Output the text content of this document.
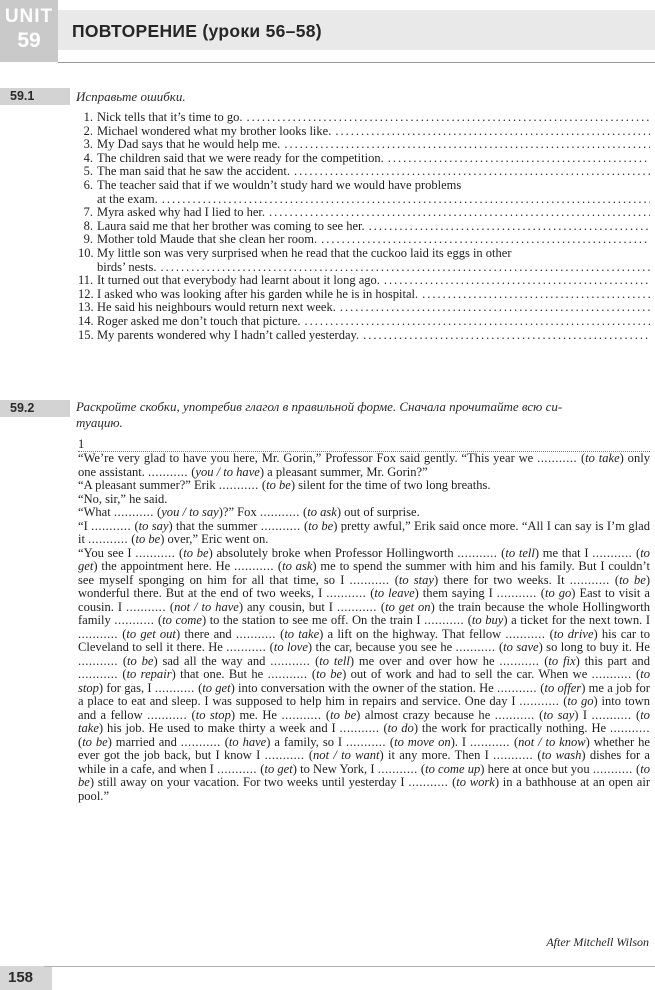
UNIT
59	ПОВТОРЕНИЕ (уроки 56–58)
59.1	Исправьте ошибки.
1. Nick tells that it’s time to go.
.....
2. Michael wondered what my brother looks like.
.....
3. My Dad says that he would help me.
.....
4. The children said that we were ready for the competition.
.....
5. The man said that he saw the accident.
.....
6. The teacher said that if we wouldn’t study hard we would have problems
at the exam.
.....
7. Myra asked why had I lied to her.
.....
8. Laura said me that her brother was coming to see her.
.....
9. Mother told Maude that she clean her room.
.....
10. My little son was very surprised when he read that the cuckoo laid its eggs in other
birds’ nests.
.....
11. It turned out that everybody had learnt about it long ago.
.....
12. I asked who was looking after his garden while he is in hospital.
.....
13. He said his neighbours would return next week.
.....
14. Roger asked me don’t touch that picture.
.....
15. My parents wondered why I hadn’t called yesterday.
.....
59.2	Раскройте скобки, употребив глагол в правильной форме. Сначала прочитайте всю си-
туацию.
1

“We’re very glad to have you here, Mr. Gorin,” Professor Fox said gently. “This year we ........... (to take) only one assistant. ........... (you / to have) a pleasant summer, Mr. Gorin?”

“A pleasant summer?” Erik ........... (to be) silent for the time of two long breaths.

“No, sir,” he said.

“What ........... (you / to say)?” Fox ........... (to ask) out of surprise.

“I ........... (to say) that the summer ........... (to be) pretty awful,” Erik said once more. “All I can say is I’m glad it ........... (to be) over,” Eric went on.

“You see I ........... (to be) absolutely broke when Professor Hollingworth ........... (to tell) me that I ........... (to get) the appointment here. He ........... (to ask) me to spend the summer with him and his family. But I couldn’t see myself sponging on him for all that time, so I ........... (to stay) there for two weeks. It ........... (to be) wonderful there. But at the end of two weeks, I ........... (to leave) them saying I ........... (to go) East to visit a cousin. I ........... (not / to have) any cousin, but I ........... (to get on) the train because the whole Hollingworth family ........... (to come) to the station to see me off. On the train I ........... (to buy) a ticket for the next town. I ........... (to get out) there and ........... (to take) a lift on the highway. That fellow ........... (to drive) his car to Cleveland to sell it there. He ........... (to love) the car, because you see he ........... (to save) so long to buy it. He ........... (to be) sad all the way and ........... (to tell) me over and over how he ........... (to fix) this part and ........... (to repair) that one. But he ........... (to be) out of work and had to sell the car. When we ........... (to stop) for gas, I ........... (to get) into conversation with the owner of the station. He ........... (to offer) me a job for a place to eat and sleep. I was supposed to help him in repairs and service. One day I ........... (to go) into town and a fellow ........... (to stop) me. He ........... (to be) almost crazy because he ........... (to say) I ........... (to take) his job. He used to make thirty a week and I ........... (to do) the work for practically nothing. He ........... (to be) married and ........... (to have) a family, so I ........... (to move on). I ........... (not / to know) whether he ever got the job back, but I know I ........... (not / to want) it any more. Then I ........... (to wash) dishes for a while in a cafe, and when I ........... (to get) to New York, I ........... (to come up) here at once but you ........... (to be) still away on your vacation. For two weeks until yesterday I ........... (to work) in a bathhouse at an open air pool.”

After Mitchell Wilson
158
